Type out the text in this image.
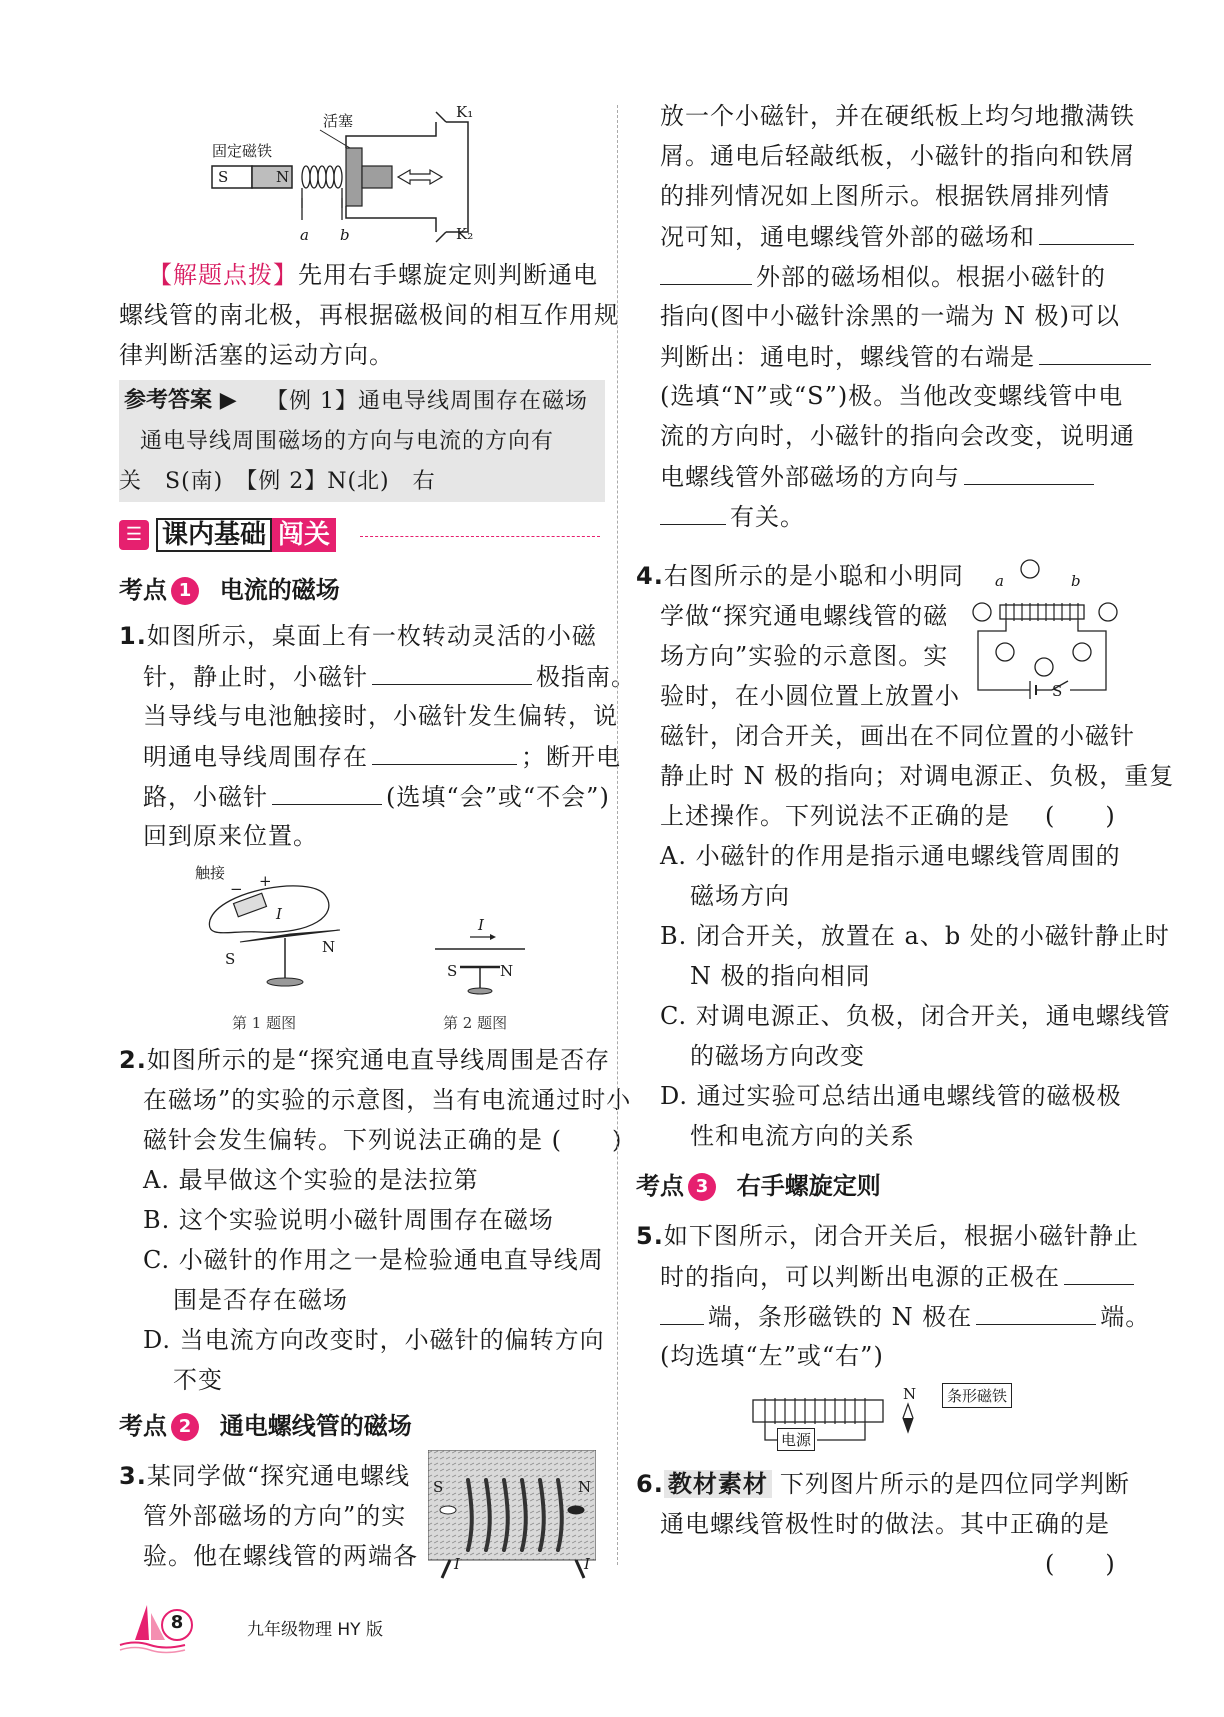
活塞
固定磁铁
S	N
K₁
K₂
a b
【解题点拨】先用右手螺旋定则判断通电
螺线管的南北极，再根据磁极间的相互作用规
律判断活塞的运动方向。
参考答案 ▶ 【例 1】通电导线周围存在磁场
通电导线周围磁场的方向与电流的方向有
关　S(南)　【例 2】N(北)　右
☰ 课内基础 闯关
考点 1 电流的磁场
1.如图所示，桌面上有一枚转动灵活的小磁
针，静止时，小磁针	极指南。
当导线与电池触接时，小磁针发生偏转，说
明通电导线周围存在	；断开电
路，小磁针	(选填“会”或“不会”)
回到原来位置。
触接
− +
I
S
N
第 1 题图
I
S	N
第 2 题图
2.如图所示的是“探究通电直导线周围是否存
在磁场”的实验的示意图，当有电流通过时小
磁针会发生偏转。下列说法正确的是 (　　)
A. 最早做这个实验的是法拉第
B. 这个实验说明小磁针周围存在磁场
C. 小磁针的作用之一是检验通电直导线周
围是否存在磁场
D. 当电流方向改变时，小磁针的偏转方向
不变
考点 2 通电螺线管的磁场
3.某同学做“探究通电螺线
管外部磁场的方向”的实
验。他在螺线管的两端各
S	N
I	I
放一个小磁针，并在硬纸板上均匀地撒满铁
屑。通电后轻敲纸板，小磁针的指向和铁屑
的排列情况如上图所示。根据铁屑排列情
况可知，通电螺线管外部的磁场和
外部的磁场相似。根据小磁针的
指向(图中小磁针涂黑的一端为 N 极)可以
判断出：通电时，螺线管的右端是
(选填“N”或“S”)极。当他改变螺线管中电
流的方向时，小磁针的指向会改变，说明通
电螺线管外部磁场的方向与
有关。
4.右图所示的是小聪和小明同
学做“探究通电螺线管的磁
场方向”实验的示意图。实
验时，在小圆位置上放置小
a	b
S
磁针，闭合开关，画出在不同位置的小磁针
静止时 N 极的指向；对调电源正、负极，重复
上述操作。下列说法不正确的是 (　　)
A. 小磁针的作用是指示通电螺线管周围的
磁场方向
B. 闭合开关，放置在 a、b 处的小磁针静止时
N 极的指向相同
C. 对调电源正、负极，闭合开关，通电螺线管
的磁场方向改变
D. 通过实验可总结出通电螺线管的磁极极
性和电流方向的关系
考点 3 右手螺旋定则
5.如下图所示，闭合开关后，根据小磁针静止
时的指向，可以判断出电源的正极在
端，条形磁铁的 N 极在	端。
(均选填“左”或“右”)
电源
N	条形磁铁
6. 教材素材 下列图片所示的是四位同学判断
通电螺线管极性时的做法。其中正确的是
(　　)
8	九年级物理 HY 版
